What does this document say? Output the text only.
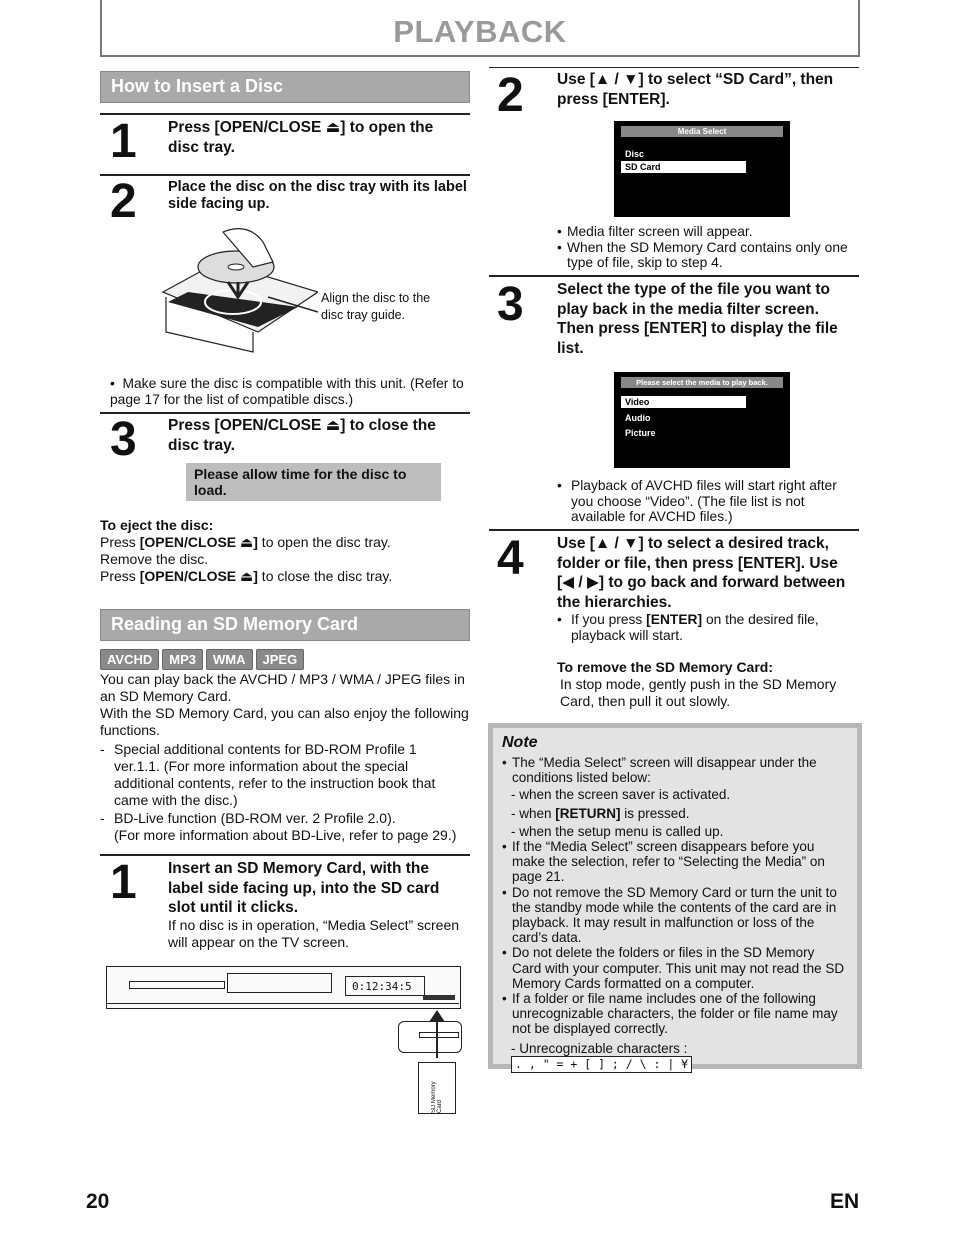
PLAYBACK
How to Insert a Disc
1 Press [OPEN/CLOSE ⏏] to open the disc tray.
2 Place the disc on the disc tray with its label side facing up.
Align the disc to the disc tray guide.
•  Make sure the disc is compatible with this unit. (Refer to page 17 for the list of compatible discs.)
3 Press [OPEN/CLOSE ⏏] to close the disc tray.
Please allow time for the disc to load.
To eject the disc:
Press [OPEN/CLOSE ⏏] to open the disc tray.
Remove the disc.
Press [OPEN/CLOSE ⏏] to close the disc tray.
Reading an SD Memory Card
AVCHD MP3 WMA JPEG
You can play back the AVCHD / MP3 / WMA / JPEG files in an SD Memory Card.
With the SD Memory Card, you can also enjoy the following functions.
- Special additional contents for BD-ROM Profile 1 ver.1.1. (For more information about the special additional contents, refer to the instruction book that came with the disc.)
- BD-Live function (BD-ROM ver. 2 Profile 2.0).
(For more information about BD-Live, refer to page 29.)
1 Insert an SD Memory Card, with the label side facing up, into the SD card slot until it clicks.
If no disc is in operation, “Media Select” screen will appear on the TV screen.
0:12:34:5
SD Memory Card
2 Use [▲ / ▼] to select “SD Card”, then press [ENTER].
Media Select
Disc
SD Card
• Media filter screen will appear.
• When the SD Memory Card contains only one type of file, skip to step 4.
3 Select the type of the file you want to play back in the media filter screen. Then press [ENTER] to display the file list.
Please select the media to play back.
Video
Audio
Picture
• Playback of AVCHD files will start right after you choose “Video”. (The file list is not available for AVCHD files.)
4 Use [▲ / ▼] to select a desired track, folder or file, then press [ENTER]. Use [◀ / ▶] to go back and forward between the hierarchies.
• If you press [ENTER] on the desired file, playback will start.
To remove the SD Memory Card:
In stop mode, gently push in the SD Memory Card, then pull it out slowly.
Note
• The “Media Select” screen will disappear under the conditions listed below:
- when the screen saver is activated.
- when [RETURN] is pressed.
- when the setup menu is called up.
• If the “Media Select” screen disappears before you make the selection, refer to “Selecting the Media” on page 21.
• Do not remove the SD Memory Card or turn the unit to the standby mode while the contents of the card are in playback. It may result in malfunction or loss of the card’s data.
• Do not delete the folders or files in the SD Memory Card with your computer. This unit may not read the SD Memory Cards formatted on a computer.
• If a folder or file name includes one of the following unrecognizable characters, the folder or file name may not be displayed correctly.
- Unrecognizable characters : . , " = + [ ] ; / \ : | ¥
20	EN
